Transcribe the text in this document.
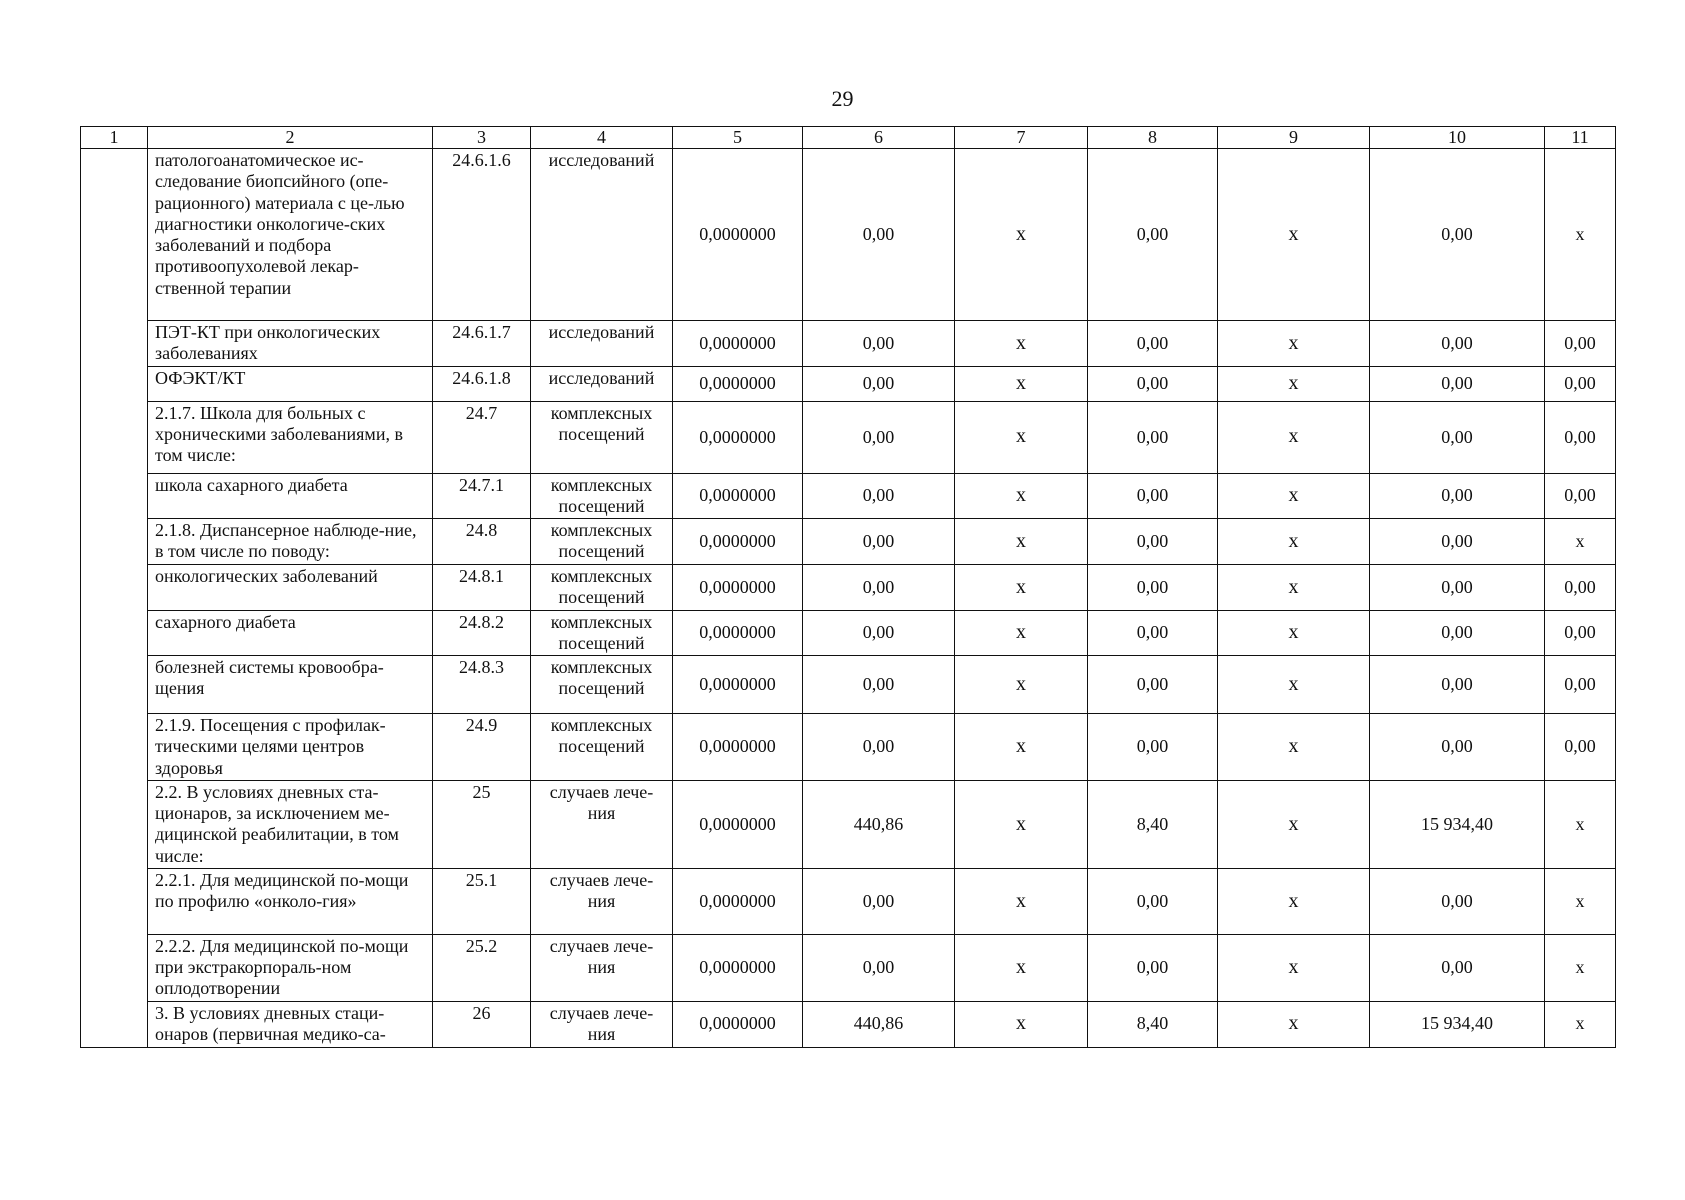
29
1	2	3	4	5	6	7	8	9	10	11
	патологоанатомическое ис-следование биопсийного (опе-рационного) материала с це-лью диагностики онкологиче-ских заболеваний и подбора противоопухолевой лекар-ственной терапии	24.6.1.6	исследований	0,0000000	0,00	х	0,00	х	0,00	х
	ПЭТ-КТ при онкологических заболеваниях	24.6.1.7	исследований	0,0000000	0,00	х	0,00	х	0,00	0,00
	ОФЭКТ/КТ	24.6.1.8	исследований	0,0000000	0,00	х	0,00	х	0,00	0,00
	2.1.7. Школа для больных с хроническими заболеваниями, в том числе:	24.7	комплексных посещений	0,0000000	0,00	х	0,00	х	0,00	0,00
	школа сахарного диабета	24.7.1	комплексных посещений	0,0000000	0,00	х	0,00	х	0,00	0,00
	2.1.8. Диспансерное наблюде-ние, в том числе по поводу:	24.8	комплексных посещений	0,0000000	0,00	х	0,00	х	0,00	х
	онкологических заболеваний	24.8.1	комплексных посещений	0,0000000	0,00	х	0,00	х	0,00	0,00
	сахарного диабета	24.8.2	комплексных посещений	0,0000000	0,00	х	0,00	х	0,00	0,00
	болезней системы кровообра-щения	24.8.3	комплексных посещений	0,0000000	0,00	х	0,00	х	0,00	0,00
	2.1.9. Посещения с профилак-тическими целями центров здоровья	24.9	комплексных посещений	0,0000000	0,00	х	0,00	х	0,00	0,00
	2.2. В условиях дневных ста-ционаров, за исключением ме-дицинской реабилитации, в том числе:	25	случаев лече-ния	0,0000000	440,86	х	8,40	х	15 934,40	х
	2.2.1. Для медицинской по-мощи по профилю «онколо-гия»	25.1	случаев лече-ния	0,0000000	0,00	х	0,00	х	0,00	х
	2.2.2. Для медицинской по-мощи при экстракорпораль-ном оплодотворении	25.2	случаев лече-ния	0,0000000	0,00	х	0,00	х	0,00	х
	3. В условиях дневных стаци-онаров (первичная медико-са-	26	случаев лече-ния	0,0000000	440,86	х	8,40	х	15 934,40	х
